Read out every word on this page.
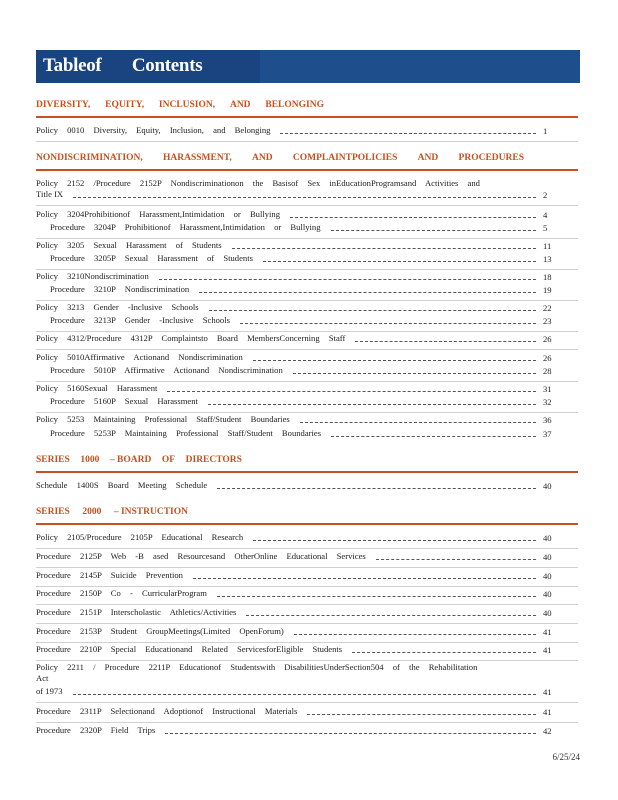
Tableof Contents
DIVERSITY, EQUITY, INCLUSION, AND BELONGING
NONDISCRIMINATION, HARASSMENT, AND COMPLAINTPOLICIES AND PROCEDURES
SERIES 1000 – BOARD OF DIRECTORS
SERIES 2000 – INSTRUCTION
Policy 0010 Diversity, Equity, Inclusion, and Belonging	1
Policy 2152 /Procedure 2152P Nondiscriminationon the Basisof Sex inEducationProgramsand Activities and
Title IX	2
Policy 3204Prohibitionof Harassment,Intimidation or Bullying	4
Procedure 3204P Prohibitionof Harassment,Intimidation or Bullying	5
Policy 3205 Sexual Harassment of Students	11
Procedure 3205P Sexual Harassment of Students	13
Policy 3210Nondiscrimination	18
Procedure 3210P Nondiscrimination	19
Policy 3213 Gender -Inclusive Schools	22
Procedure 3213P Gender -Inclusive Schools	23
Policy 4312/Procedure 4312P Complaintsto Board MembersConcerning Staff	26
Policy 5010Affirmative Actionand Nondiscrimination	26
Procedure 5010P Affirmative Actionand Nondiscrimination	28
Policy 5160Sexual Harassment	31
Procedure 5160P Sexual Harassment	32
Policy 5253 Maintaining Professional Staff/Student Boundaries	36
Procedure 5253P Maintaining Professional Staff/Student Boundaries	37
Schedule 1400S Board Meeting Schedule	40
Policy 2105/Procedure 2105P Educational Research	40
Procedure 2125P Web -B ased Resourcesand OtherOnline Educational Services	40
Procedure 2145P Suicide Prevention	40
Procedure 2150P Co - CurricularProgram	40
Procedure 2151P Interscholastic Athletics/Activities	40
Procedure 2153P Student GroupMeetings(Limited OpenForum)	41
Procedure 2210P Special Educationand Related ServicesforEligible Students	41
Policy 2211 / Procedure 2211P Educationof Studentswith DisabilitiesUnderSection504 of the Rehabilitation
Act
of 1973	41
Procedure 2311P Selectionand Adoptionof Instructional Materials	41
Procedure 2320P Field Trips	42
6/25/24
